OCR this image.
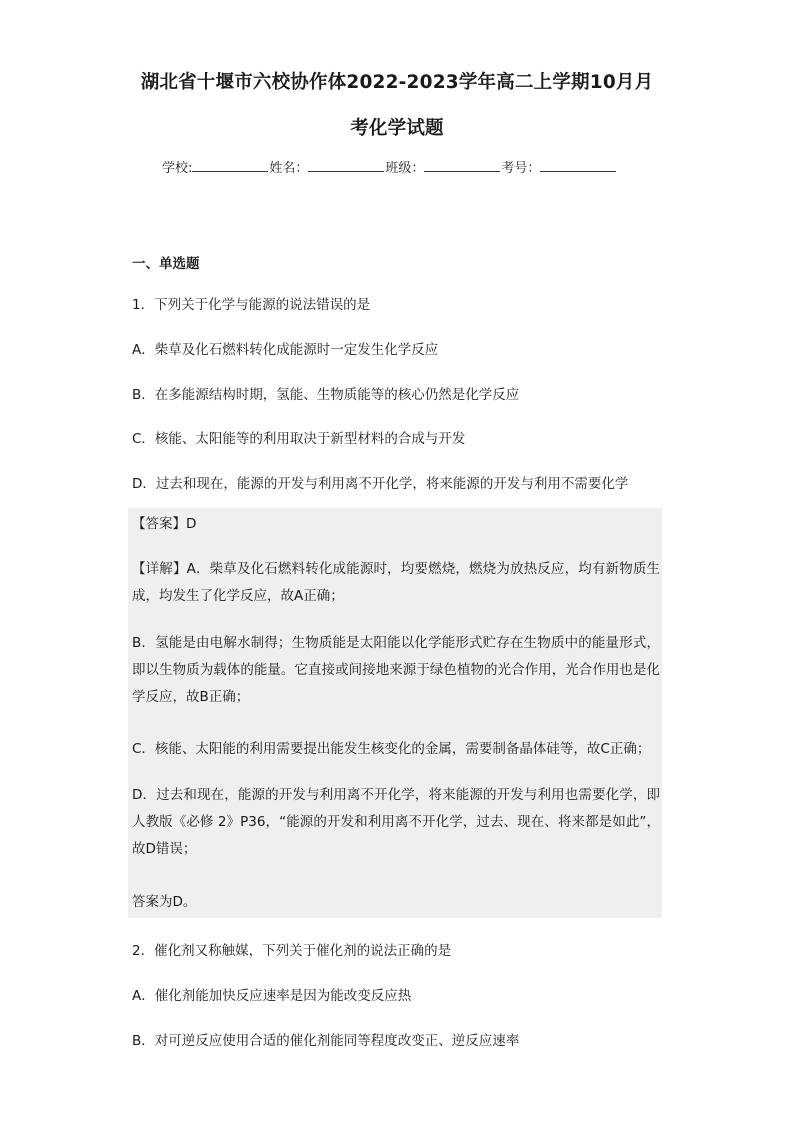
湖北省十堰市六校协作体2022-2023学年高二上学期10月月
考化学试题
学校:	姓名：	班级：	考号：
一、单选题
1．下列关于化学与能源的说法错误的是
A．柴草及化石燃料转化成能源时一定发生化学反应
B．在多能源结构时期，氢能、生物质能等的核心仍然是化学反应
C．核能、太阳能等的利用取决于新型材料的合成与开发
D．过去和现在，能源的开发与利用离不开化学，将来能源的开发与利用不需要化学
【答案】D
【详解】A．柴草及化石燃料转化成能源时，均要燃烧，燃烧为放热反应，均有新物质生成，均发生了化学反应，故A正确；
B．氢能是由电解水制得；生物质能是太阳能以化学能形式贮存在生物质中的能量形式，即以生物质为载体的能量。它直接或间接地来源于绿色植物的光合作用，光合作用也是化学反应，故B正确；
C．核能、太阳能的利用需要提出能发生核变化的金属，需要制备晶体硅等，故C正确；
D．过去和现在，能源的开发与利用离不开化学，将来能源的开发与利用也需要化学，即人教版《必修 2》P36，“能源的开发和利用离不开化学，过去、现在、将来都是如此”，故D错误；
答案为D。
2．催化剂又称触媒，下列关于催化剂的说法正确的是
A．催化剂能加快反应速率是因为能改变反应热
B．对可逆反应使用合适的催化剂能同等程度改变正、逆反应速率
